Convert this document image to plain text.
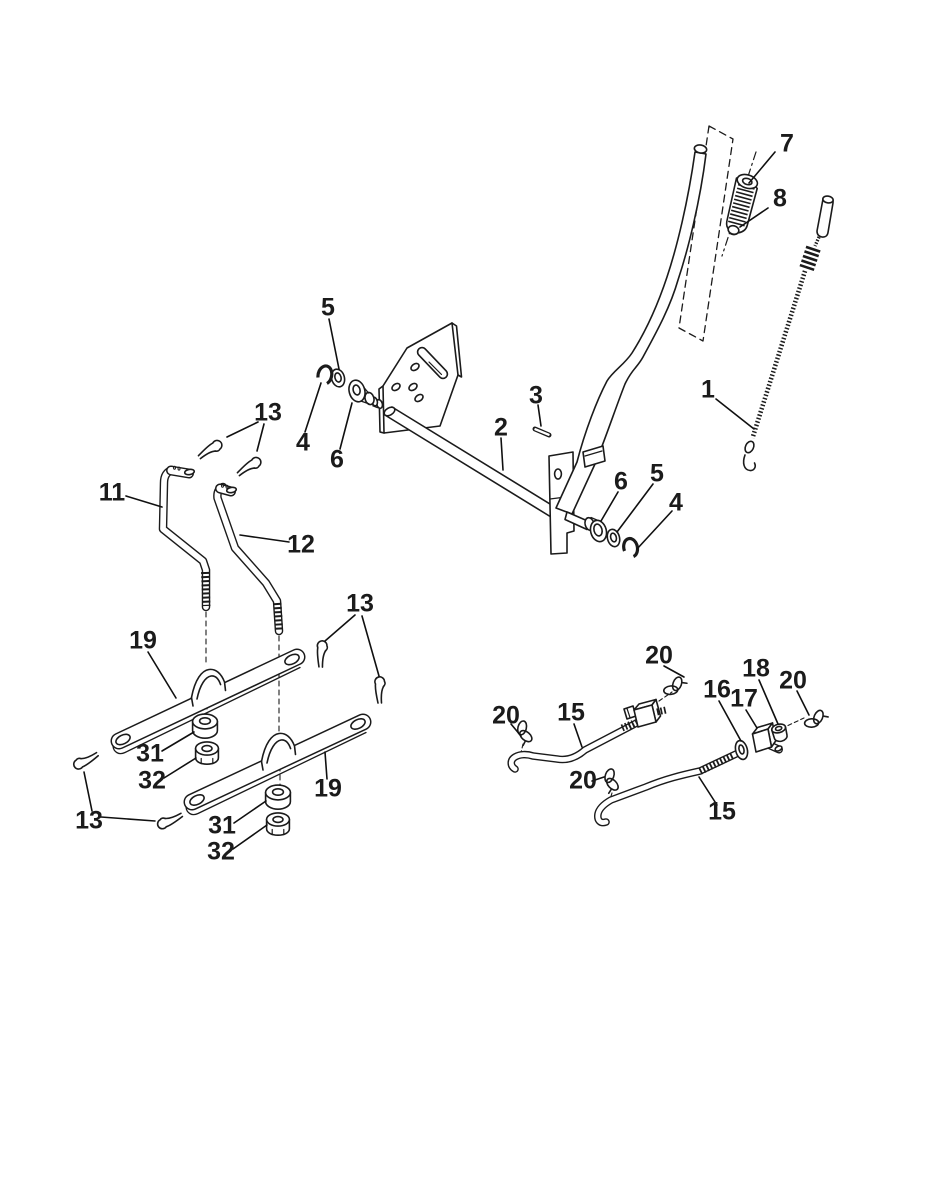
7
8
1
5
4
6
2
3
6 5
4
13
11
12
19
31
32
13
19
31
32
13
20
20 15
16 17
18 20
20
15
